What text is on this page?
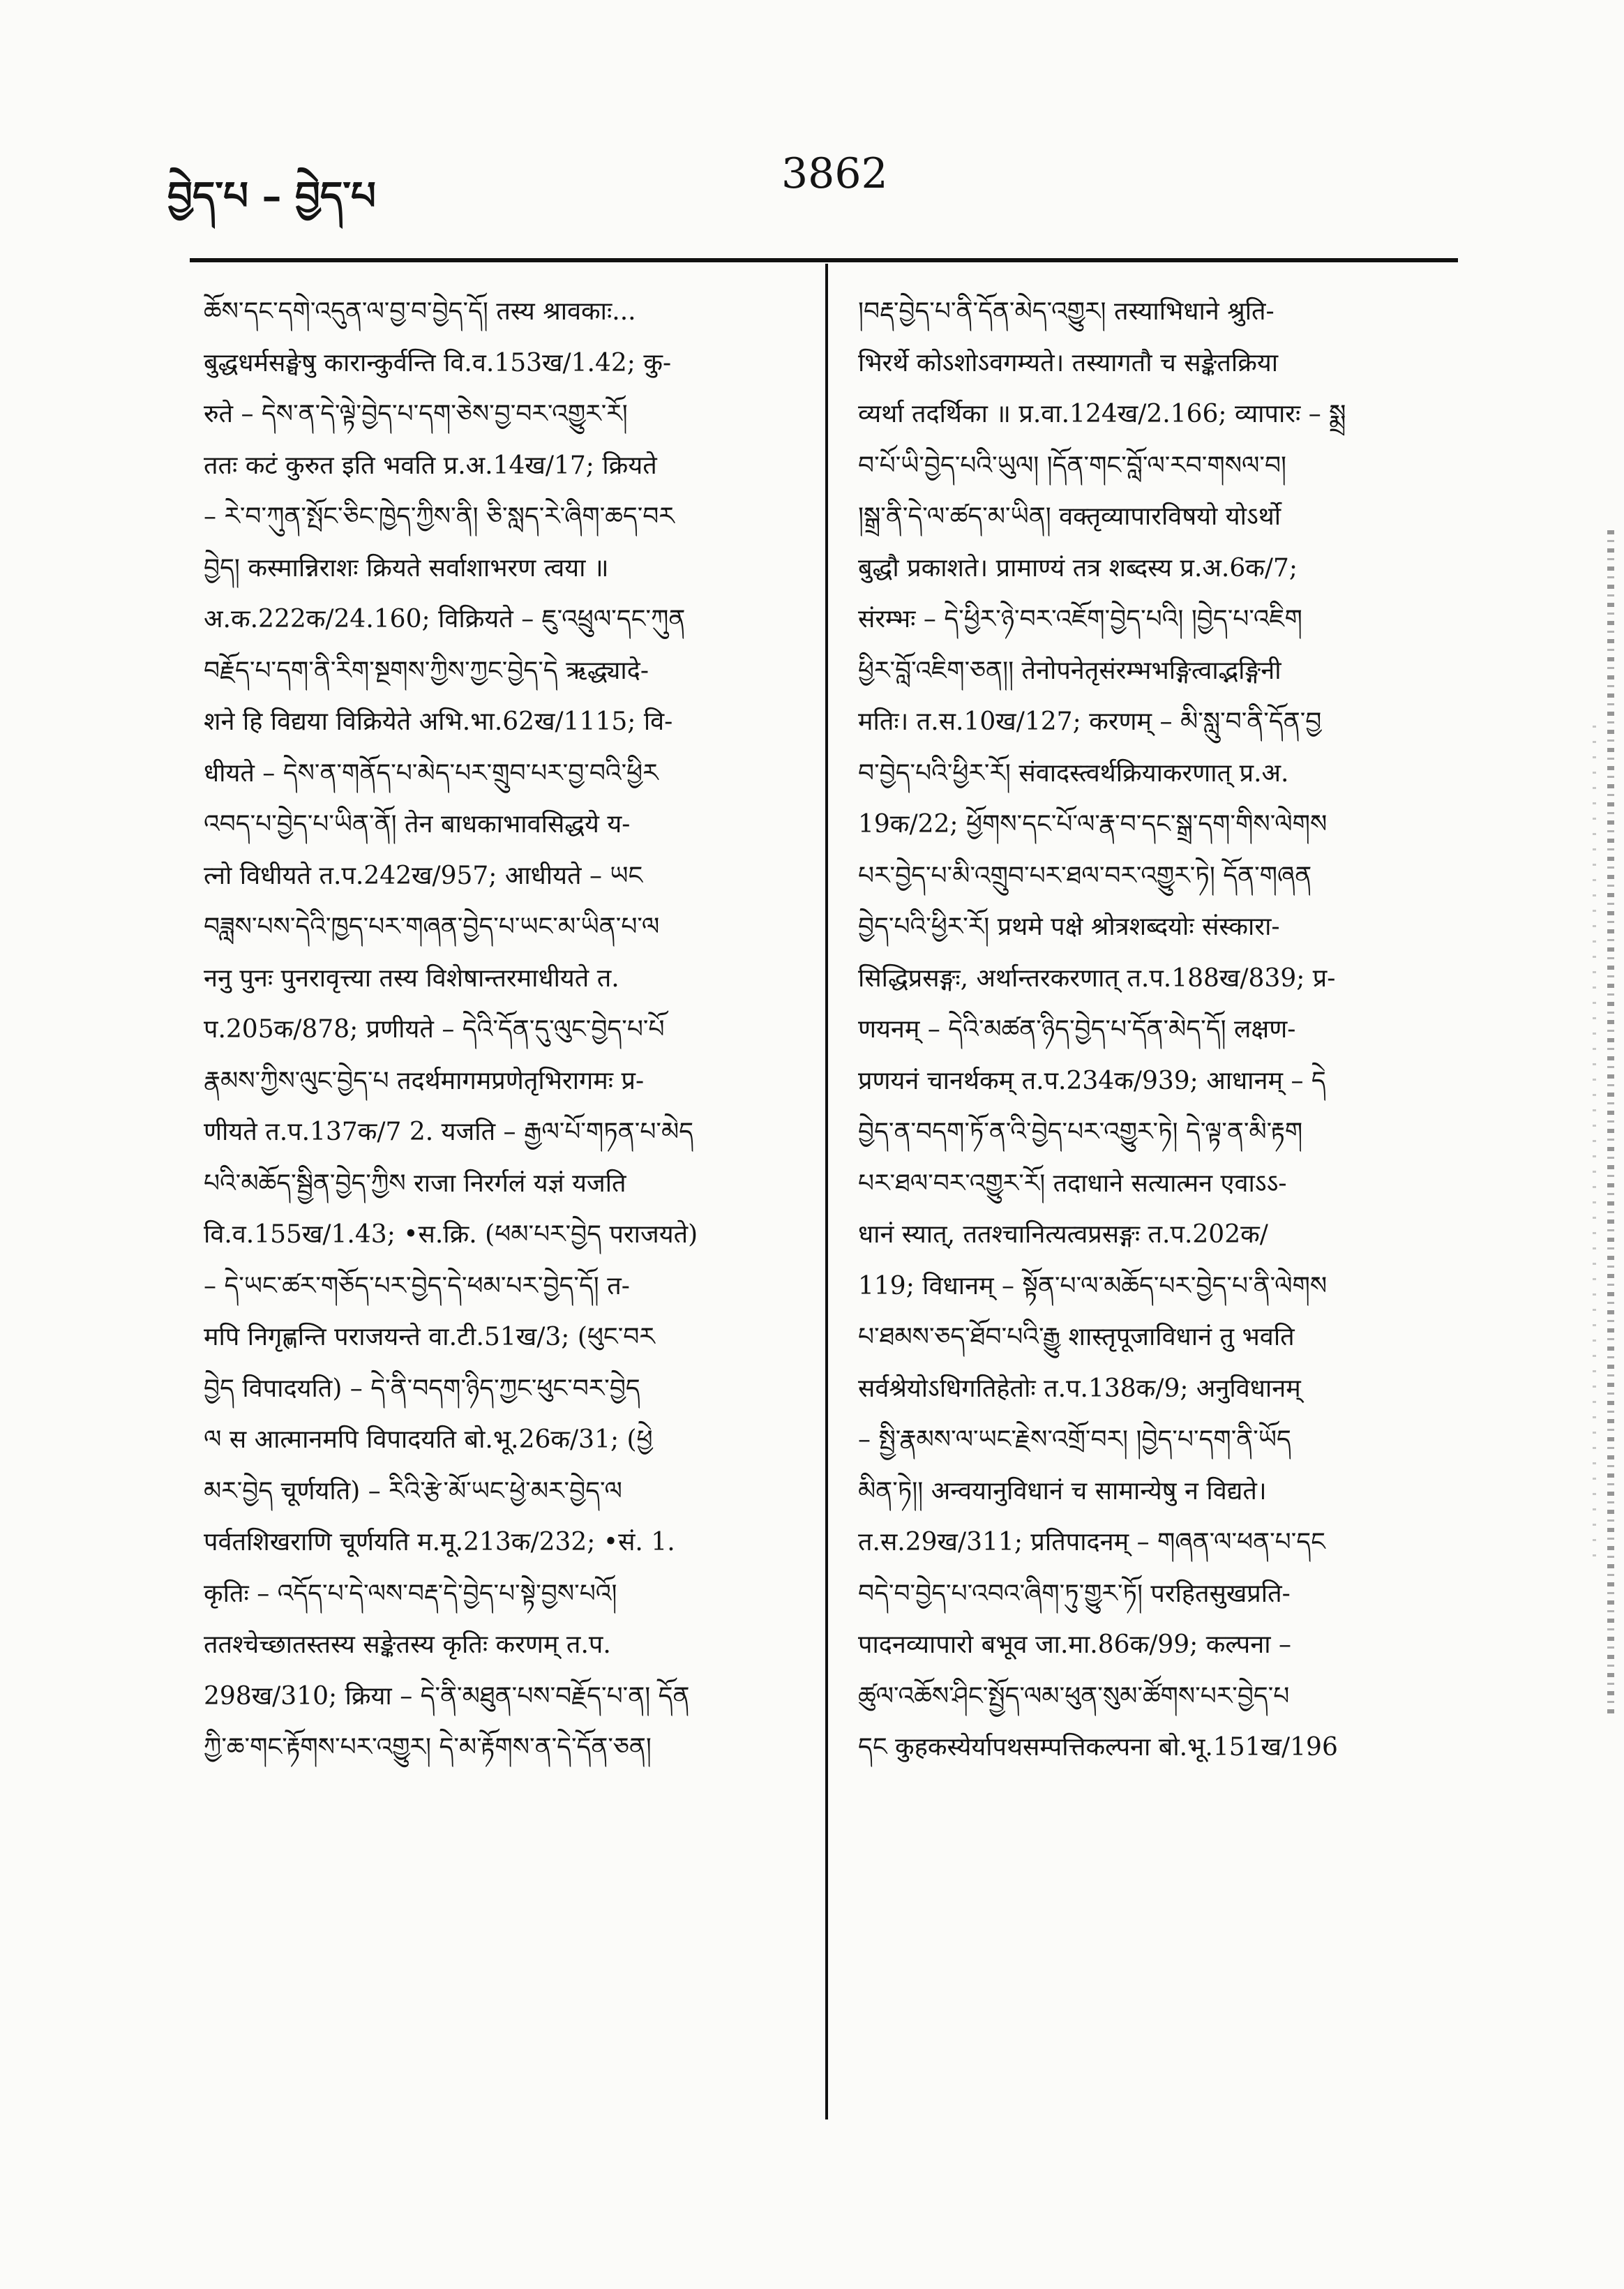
བྱེད་པ – བྱེད་པ	3862
ཆོས་དང་དགེ་འདུན་ལ་བྱ་བ་བྱེད་དོ། तस्य श्रावकाः...
बुद्धधर्मसङ्घेषु कारान्कुर्वन्ति वि.व.153ख/1.42; कु-
रुते – དེས་ན་དེ་ལྟེ་བྱེད་པ་དག་ཅེས་བྱ་བར་འགྱུར་རོ།
ततः कटं कुरुत इति भवति प्र.अ.14ख/17; क्रियते
– རེ་བ་ཀུན་སྤོང་ཅིང་ཁྱེད་ཀྱིས་ནི། ཅི་སླད་རེ་ཞིག་ཆད་བར
བྱེད། कस्मान्निराशः क्रियते सर्वाशाभरण त्वया ॥
अ.क.222क/24.160; विक्रियते – ཇུ་འཕྲུལ་དང་ཀུན
བརྗོད་པ་དག་ནི་རིག་སྔགས་ཀྱིས་ཀྱང་བྱེད་དེ ऋद्ध्यादे-
शने हि विद्यया विक्रियेते अभि.भा.62ख/1115; वि-
धीयते – དེས་ན་གནོད་པ་མེད་པར་གྲུབ་པར་བྱ་བའི་ཕྱིར
འབད་པ་བྱེད་པ་ཡིན་ནོ། तेन बाधकाभावसिद्धये य-
त्नो विधीयते त.प.242ख/957; आधीयते – ཡང
བཟླས་པས་དེའི་ཁྱད་པར་གཞན་བྱེད་པ་ཡང་མ་ཡིན་པ་ལ
ननु पुनः पुनरावृत्त्या तस्य विशेषान्तरमाधीयते त.
प.205क/878; प्रणीयते – དེའི་དོན་དུ་ལུང་བྱེད་པ་པོ
རྣམས་ཀྱིས་ལུང་བྱེད་པ तदर्थमागमप्रणेतृभिरागमः प्र-
णीयते त.प.137क/7 2. यजति – རྒྱལ་པོ་གཏན་པ་མེད
པའི་མཆོད་སྦྱིན་བྱེད་ཀྱིས राजा निरर्गलं यज्ञं यजति
वि.व.155ख/1.43; •स.क्रि. (ཕམ་པར་བྱེད पराजयते)
– དེ་ཡང་ཚར་གཅོད་པར་བྱེད་དེ་ཕམ་པར་བྱེད་དོ། त-
मपि निगृह्णन्ति पराजयन्ते वा.टी.51ख/3; (ཕུང་བར
བྱེད विपादयति) – དེ་ནི་བདག་ཉིད་ཀྱང་ཕུང་བར་བྱེད
ལ स आत्मानमपि विपादयति बो.भू.26क/31; (ཕྱེ
མར་བྱེད चूर्णयति) – རིའི་རྩེ་མོ་ཡང་ཕྱེ་མར་བྱེད་ལ
पर्वतशिखराणि चूर्णयति म.मू.213क/232; •सं. 1.
कृतिः – འདོད་པ་དེ་ལས་བརྡ་དེ་བྱེད་པ་སྟེ་བྱས་པའོ།
ततश्चेच्छातस्तस्य सङ्केतस्य कृतिः करणम् त.प.
298ख/310; क्रिया – དེ་ནི་མཐུན་པས་བརྗོད་པ་ན། དོན
ཀྱི་ཆ་གང་རྟོགས་པར་འགྱུར། དེ་མ་རྟོགས་ན་དེ་དོན་ཅན།
།བརྡ་བྱེད་པ་ནི་དོན་མེད་འགྱུར། तस्याभिधाने श्रुति-
भिरर्थे कोऽशोऽवगम्यते। तस्यागतौ च सङ्केतक्रिया
व्यर्था तदर्थिका ॥ प्र.वा.124ख/2.166; व्यापारः – སྨྲ
བ་པོ་ཡི་བྱེད་པའི་ཡུལ། །དོན་གང་བློ་ལ་རབ་གསལ་བ།
།སྒྲ་ནི་དེ་ལ་ཚད་མ་ཡིན། वक्तृव्यापारविषयो योऽर्थो
बुद्धौ प्रकाशते। प्रामाण्यं तत्र शब्दस्य प्र.अ.6क/7;
संरम्भः – དེ་ཕྱིར་ཉེ་བར་འཇོག་བྱེད་པའི། །བྱེད་པ་འཇིག
ཕྱིར་བློ་འཇིག་ཅན།། तेनोपनेतृसंरम्भभङ्गित्वाद्भङ्गिनी
मतिः। त.स.10ख/127; करणम् – མི་སླུ་བ་ནི་དོན་བྱ
བ་བྱེད་པའི་ཕྱིར་རོ། संवादस्त्वर्थक्रियाकरणात् प्र.अ.
19क/22; ཕྱོགས་དང་པོ་ལ་རྣ་བ་དང་སྒྲ་དག་གིས་ལེགས
པར་བྱེད་པ་མི་འགྲུབ་པར་ཐལ་བར་འགྱུར་ཏེ། དོན་གཞན
བྱེད་པའི་ཕྱིར་རོ། प्रथमे पक्षे श्रोत्रशब्दयोः संस्कारा-
सिद्धिप्रसङ्गः, अर्थान्तरकरणात् त.प.188ख/839; प्र-
णयनम् – དེའི་མཚན་ཉིད་བྱེད་པ་དོན་མེད་དོ། लक्षण-
प्रणयनं चानर्थकम् त.प.234क/939; आधानम् – དེ
བྱེད་ན་བདག་ཏོ་ན་འི་བྱེད་པར་འགྱུར་ཏེ། དེ་ལྟ་ན་མི་རྟག
པར་ཐལ་བར་འགྱུར་རོ། तदाधाने सत्यात्मन एवाऽऽ-
धानं स्यात्, ततश्चानित्यत्वप्रसङ्गः त.प.202क/
119; विधानम् – སྟོན་པ་ལ་མཆོད་པར་བྱེད་པ་ནི་ལེགས
པ་ཐམས་ཅད་ཐོབ་པའི་རྒྱུ शास्तृपूजाविधानं तु भवति
सर्वश्रेयोऽधिगतिहेतोः त.प.138क/9; अनुविधानम्
– སྤྱི་རྣམས་ལ་ཡང་རྗེས་འགྲོ་བར། །བྱེད་པ་དག་ནི་ཡོད
མིན་ཏེ།། अन्वयानुविधानं च सामान्येषु न विद्यते।
त.स.29ख/311; प्रतिपादनम् – གཞན་ལ་ཕན་པ་དང
བདེ་བ་བྱེད་པ་འབའ་ཞིག་ཏུ་གྱུར་ཏོ། परहितसुखप्रति-
पादनव्यापारो बभूव जा.मा.86क/99; कल्पना –
ཚུལ་འཆོས་ཤིང་སྤྱོད་ལམ་ཕུན་སུམ་ཚོགས་པར་བྱེད་པ
དང कुहकस्येर्यापथसम्पत्तिकल्पना बो.भू.151ख/196
